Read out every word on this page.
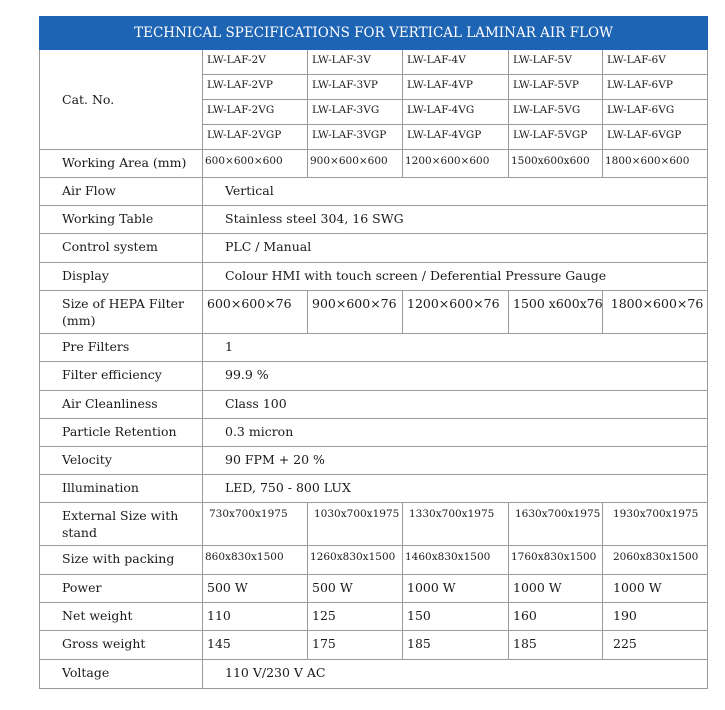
TECHNICAL SPECIFICATIONS FOR VERTICAL LAMINAR AIR FLOW					
Cat. No.	LW-LAF-2V	LW-LAF-3V	LW-LAF-4V	LW-LAF-5V	LW-LAF-6V
	LW-LAF-2VP	LW-LAF-3VP	LW-LAF-4VP	LW-LAF-5VP	LW-LAF-6VP
	LW-LAF-2VG	LW-LAF-3VG	LW-LAF-4VG	LW-LAF-5VG	LW-LAF-6VG
	LW-LAF-2VGP	LW-LAF-3VGP	LW-LAF-4VGP	LW-LAF-5VGP	LW-LAF-6VGP
Working Area (mm)	600×600×600	900×600×600	1200×600×600	1500x600x600	1800×600×600
Air Flow	Vertical				
Working Table	Stainless steel 304, 16 SWG				
Control system	PLC / Manual				
Display	Colour HMI with touch screen / Deferential Pressure Gauge				
Size of HEPA Filter (mm)	600×600×76	900×600×76	1200×600×76	1500 x600x76	1800×600×76
Pre Filters	1				
Filter efficiency	99.9 %				
Air Cleanliness	Class 100				
Particle Retention	0.3 micron				
Velocity	90 FPM + 20 %				
Illumination	LED, 750 - 800 LUX				
External Size with stand	730x700x1975	1030x700x1975	1330x700x1975	1630x700x1975	1930x700x1975
Size with packing	860x830x1500	1260x830x1500	1460x830x1500	1760x830x1500	2060x830x1500
Power	500 W	500 W	1000 W	1000 W	1000 W
Net weight	110	125	150	160	190
Gross weight	145	175	185	185	225
Voltage	110 V/230 V AC				
